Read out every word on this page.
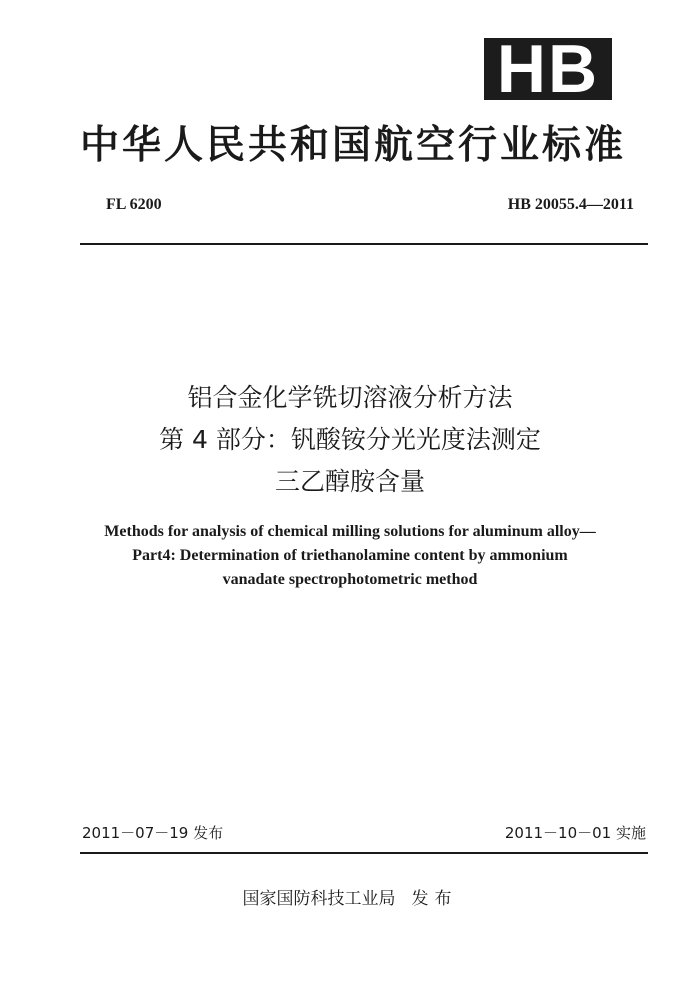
HB
中华人民共和国航空行业标准
FL 6200	HB 20055.4—2011
铝合金化学铣切溶液分析方法
第 4 部分：钒酸铵分光光度法测定
三乙醇胺含量
Methods for analysis of chemical milling solutions for aluminum alloy—
Part4: Determination of triethanolamine content by ammonium
vanadate spectrophotometric method
2011－07－19 发布	2011－10－01 实施
国家国防科技工业局 发布
